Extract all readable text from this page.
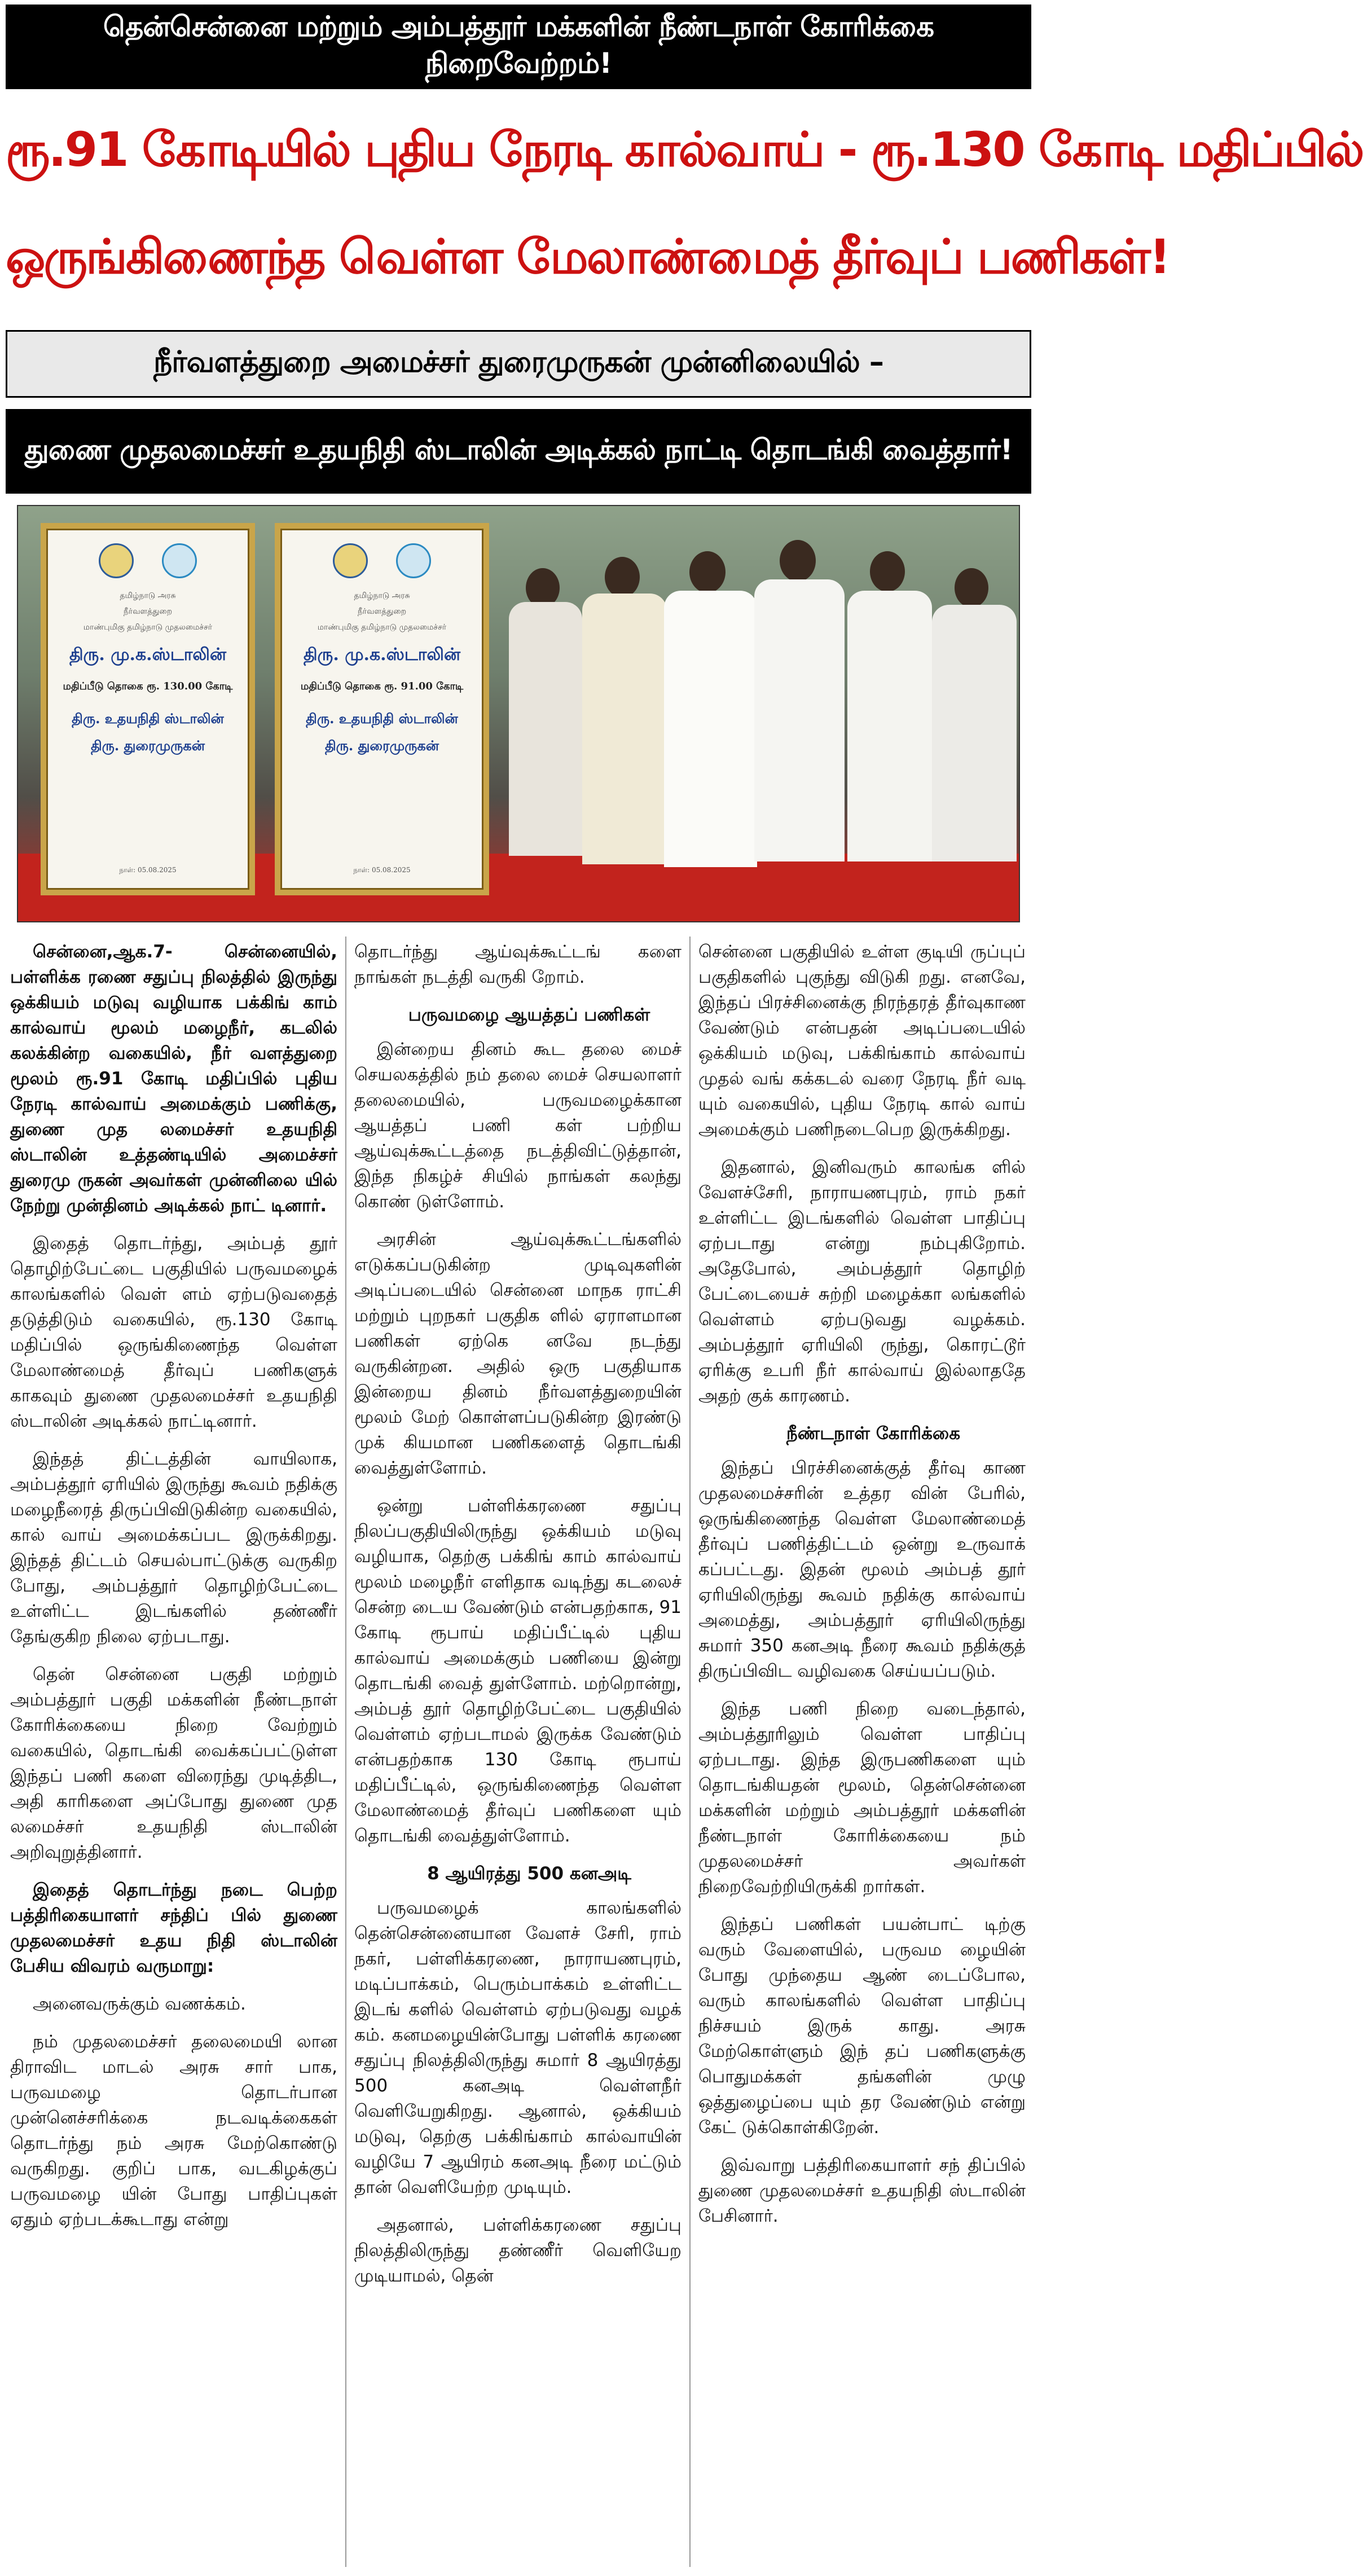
தென்சென்னை மற்றும் அம்பத்தூர் மக்களின் நீண்டநாள் கோரிக்கை நிறைவேற்றம்!
ரூ.91 கோடியில் புதிய நேரடி கால்வாய் - ரூ.130 கோடி மதிப்பில்
ஒருங்கிணைந்த வெள்ள மேலாண்மைத் தீர்வுப் பணிகள்!
நீர்வளத்துறை அமைச்சர் துரைமுருகன் முன்னிலையில் –
துணை முதலமைச்சர் உதயநிதி ஸ்டாலின் அடிக்கல் நாட்டி தொடங்கி வைத்தார்!
தமிழ்நாடு அரசு
நீர்வளத்துறை
மாண்புமிகு தமிழ்நாடு முதலமைச்சர்
திரு. மு.க.ஸ்டாலின்
மதிப்பீடு தொகை ரூ. 130.00 கோடி
திரு. உதயநிதி ஸ்டாலின்
திரு. துரைமுருகன்
நாள்: 05.08.2025
தமிழ்நாடு அரசு
நீர்வளத்துறை
மாண்புமிகு தமிழ்நாடு முதலமைச்சர்
திரு. மு.க.ஸ்டாலின்
மதிப்பீடு தொகை ரூ. 91.00 கோடி
திரு. உதயநிதி ஸ்டாலின்
திரு. துரைமுருகன்
நாள்: 05.08.2025

சென்னை,ஆக.7- சென்னையில், பள்ளிக்க ரணை சதுப்பு நிலத்தில் இருந்து ஒக்கியம் மடுவு வழியாக பக்கிங் காம் கால்வாய் மூலம் மழைநீர், கடலில் கலக்கின்ற வகையில், நீர் வளத்துறை மூலம் ரூ.91 கோடி மதிப்பில் புதிய நேரடி கால்வாய் அமைக்கும் பணிக்கு, துணை முத லமைச்சர் உதயநிதி ஸ்டாலின் உத்தண்டியில் அமைச்சர் துரைமு ருகன் அவர்கள் முன்னிலை யில் நேற்று முன்தினம் அடிக்கல் நாட் டினார்.

இதைத் தொடர்ந்து, அம்பத் தூர் தொழிற்பேட்டை பகுதியில் பருவமழைக் காலங்களில் வெள் ளம் ஏற்படுவதைத் தடுத்திடும் வகையில், ரூ.130 கோடி மதிப்பில் ஒருங்கிணைந்த வெள்ள மேலாண்மைத் தீர்வுப் பணிகளுக் காகவும் துணை முதலமைச்சர் உதயநிதி ஸ்டாலின் அடிக்கல் நாட்டினார்.

இந்தத் திட்டத்தின் வாயிலாக, அம்பத்தூர் ஏரியில் இருந்து கூவம் நதிக்கு மழைநீரைத் திருப்பிவிடுகின்ற வகையில், கால் வாய் அமைக்கப்பட இருக்கிறது. இந்தத் திட்டம் செயல்பாட்டுக்கு வருகிற போது, அம்பத்தூர் தொழிற்பேட்டை உள்ளிட்ட இடங்களில் தண்ணீர் தேங்குகிற நிலை ஏற்படாது.

தென் சென்னை பகுதி மற்றும் அம்பத்தூர் பகுதி மக்களின் நீண்டநாள் கோரிக்கையை நிறை வேற்றும் வகையில், தொடங்கி வைக்கப்பட்டுள்ள இந்தப் பணி களை விரைந்து முடித்திட, அதி காரிகளை அப்போது துணை முத லமைச்சர் உதயநிதி ஸ்டாலின் அறிவுறுத்தினார்.

இதைத் தொடர்ந்து நடை பெற்ற பத்திரிகையாளர் சந்திப் பில் துணை முதலமைச்சர் உதய நிதி ஸ்டாலின் பேசிய விவரம் வருமாறு:

அனைவருக்கும் வணக்கம்.

நம் முதலமைச்சர் தலைமையி லான திராவிட மாடல் அரசு சார் பாக, பருவமழை தொடர்பான முன்னெச்சரிக்கை நடவடிக்கைகள் தொடர்ந்து நம் அரசு மேற்கொண்டு வருகிறது. குறிப் பாக, வடகிழக்குப் பருவமழை யின் போது பாதிப்புகள் ஏதும் ஏற்படக்கூடாது என்று

தொடர்ந்து ஆய்வுக்கூட்டங் களை நாங்கள் நடத்தி வருகி றோம்.

பருவமழை ஆயத்தப் பணிகள்

இன்றைய தினம் கூட தலை மைச் செயலகத்தில் நம் தலை மைச் செயலாளர் தலைமையில், பருவமழைக்கான ஆயத்தப் பணி கள் பற்றிய ஆய்வுக்கூட்டத்தை நடத்திவிட்டுத்தான், இந்த நிகழ்ச் சியில் நாங்கள் கலந்து கொண் டுள்ளோம்.

அரசின் ஆய்வுக்கூட்டங்களில் எடுக்கப்படுகின்ற முடிவுகளின் அடிப்படையில் சென்னை மாநக ராட்சி மற்றும் புறநகர் பகுதிக ளில் ஏராளமான பணிகள் ஏற்கெ னவே நடந்து வருகின்றன. அதில் ஒரு பகுதியாக இன்றைய தினம் நீர்வளத்துறையின் மூலம் மேற் கொள்ளப்படுகின்ற இரண்டு முக் கியமான பணிகளைத் தொடங்கி வைத்துள்ளோம்.

ஒன்று பள்ளிக்கரணை சதுப்பு நிலப்பகுதியிலிருந்து ஒக்கியம் மடுவு வழியாக, தெற்கு பக்கிங் காம் கால்வாய் மூலம் மழைநீர் எளிதாக வடிந்து கடலைச் சென்ற டைய வேண்டும் என்பதற்காக, 91 கோடி ரூபாய் மதிப்பீட்டில் புதிய கால்வாய் அமைக்கும் பணியை இன்று தொடங்கி வைத் துள்ளோம். மற்றொன்று, அம்பத் தூர் தொழிற்பேட்டை பகுதியில் வெள்ளம் ஏற்படாமல் இருக்க வேண்டும் என்பதற்காக 130 கோடி ரூபாய் மதிப்பீட்டில், ஒருங்கிணைந்த வெள்ள மேலாண்மைத் தீர்வுப் பணிகளை யும் தொடங்கி வைத்துள்ளோம்.

8 ஆயிரத்து 500 கனஅடி

பருவமழைக் காலங்களில் தென்சென்னையான வேளச் சேரி, ராம் நகர், பள்ளிக்கரணை, நாராயணபுரம், மடிப்பாக்கம், பெரும்பாக்கம் உள்ளிட்ட இடங் களில் வெள்ளம் ஏற்படுவது வழக் கம். கனமழையின்போது பள்ளிக் கரணை சதுப்பு நிலத்திலிருந்து சுமார் 8 ஆயிரத்து 500 கனஅடி வெள்ளநீர் வெளியேறுகிறது. ஆனால், ஒக்கியம் மடுவு, தெற்கு பக்கிங்காம் கால்வாயின் வழியே 7 ஆயிரம் கனஅடி நீரை மட்டும் தான் வெளியேற்ற முடியும்.

அதனால், பள்ளிக்கரணை சதுப்பு நிலத்திலிருந்து தண்ணீர் வெளியேற முடியாமல், தென்

சென்னை பகுதியில் உள்ள குடியி ருப்புப் பகுதிகளில் புகுந்து விடுகி றது. எனவே, இந்தப் பிரச்சினைக்கு நிரந்தரத் தீர்வுகாண வேண்டும் என்பதன் அடிப்படையில் ஒக்கியம் மடுவு, பக்கிங்காம் கால்வாய் முதல் வங் கக்கடல் வரை நேரடி நீர் வடி யும் வகையில், புதிய நேரடி கால் வாய் அமைக்கும் பணிநடைபெற இருக்கிறது.

இதனால், இனிவரும் காலங்க ளில் வேளச்சேரி, நாராயணபுரம், ராம் நகர் உள்ளிட்ட இடங்களில் வெள்ள பாதிப்பு ஏற்படாது என்று நம்புகிறோம். அதேபோல், அம்பத்தூர் தொழிற் பேட்டையைச் சுற்றி மழைக்கா லங்களில் வெள்ளம் ஏற்படுவது வழக்கம். அம்பத்தூர் ஏரியிலி ருந்து, கொரட்டூர் ஏரிக்கு உபரி நீர் கால்வாய் இல்லாததே அதற் குக் காரணம்.

நீண்டநாள் கோரிக்கை

இந்தப் பிரச்சினைக்குத் தீர்வு காண முதலமைச்சரின் உத்தர வின் பேரில், ஒருங்கிணைந்த வெள்ள மேலாண்மைத் தீர்வுப் பணித்திட்டம் ஒன்று உருவாக் கப்பட்டது. இதன் மூலம் அம்பத் தூர் ஏரியிலிருந்து கூவம் நதிக்கு கால்வாய் அமைத்து, அம்பத்தூர் ஏரியிலிருந்து சுமார் 350 கனஅடி நீரை கூவம் நதிக்குத் திருப்பிவிட வழிவகை செய்யப்படும்.

இந்த பணி நிறை வடைந்தால், அம்பத்தூரிலும் வெள்ள பாதிப்பு ஏற்படாது. இந்த இருபணிகளை யும் தொடங்கியதன் மூலம், தென்சென்னை மக்களின் மற்றும் அம்பத்தூர் மக்களின் நீண்டநாள் கோரிக்கையை நம் முதலமைச்சர் அவர்கள் நிறைவேற்றியிருக்கி றார்கள்.

இந்தப் பணிகள் பயன்பாட் டிற்கு வரும் வேளையில், பருவம ழையின் போது முந்தைய ஆண் டைப்போல, வரும் காலங்களில் வெள்ள பாதிப்பு நிச்சயம் இருக் காது. அரசு மேற்கொள்ளும் இந் தப் பணிகளுக்கு பொதுமக்கள் தங்களின் முழு ஒத்துழைப்பை யும் தர வேண்டும் என்று கேட் டுக்கொள்கிறேன்.

இவ்வாறு பத்திரிகையாளர் சந் திப்பில் துணை முதலமைச்சர் உதயநிதி ஸ்டாலின் பேசினார்.
